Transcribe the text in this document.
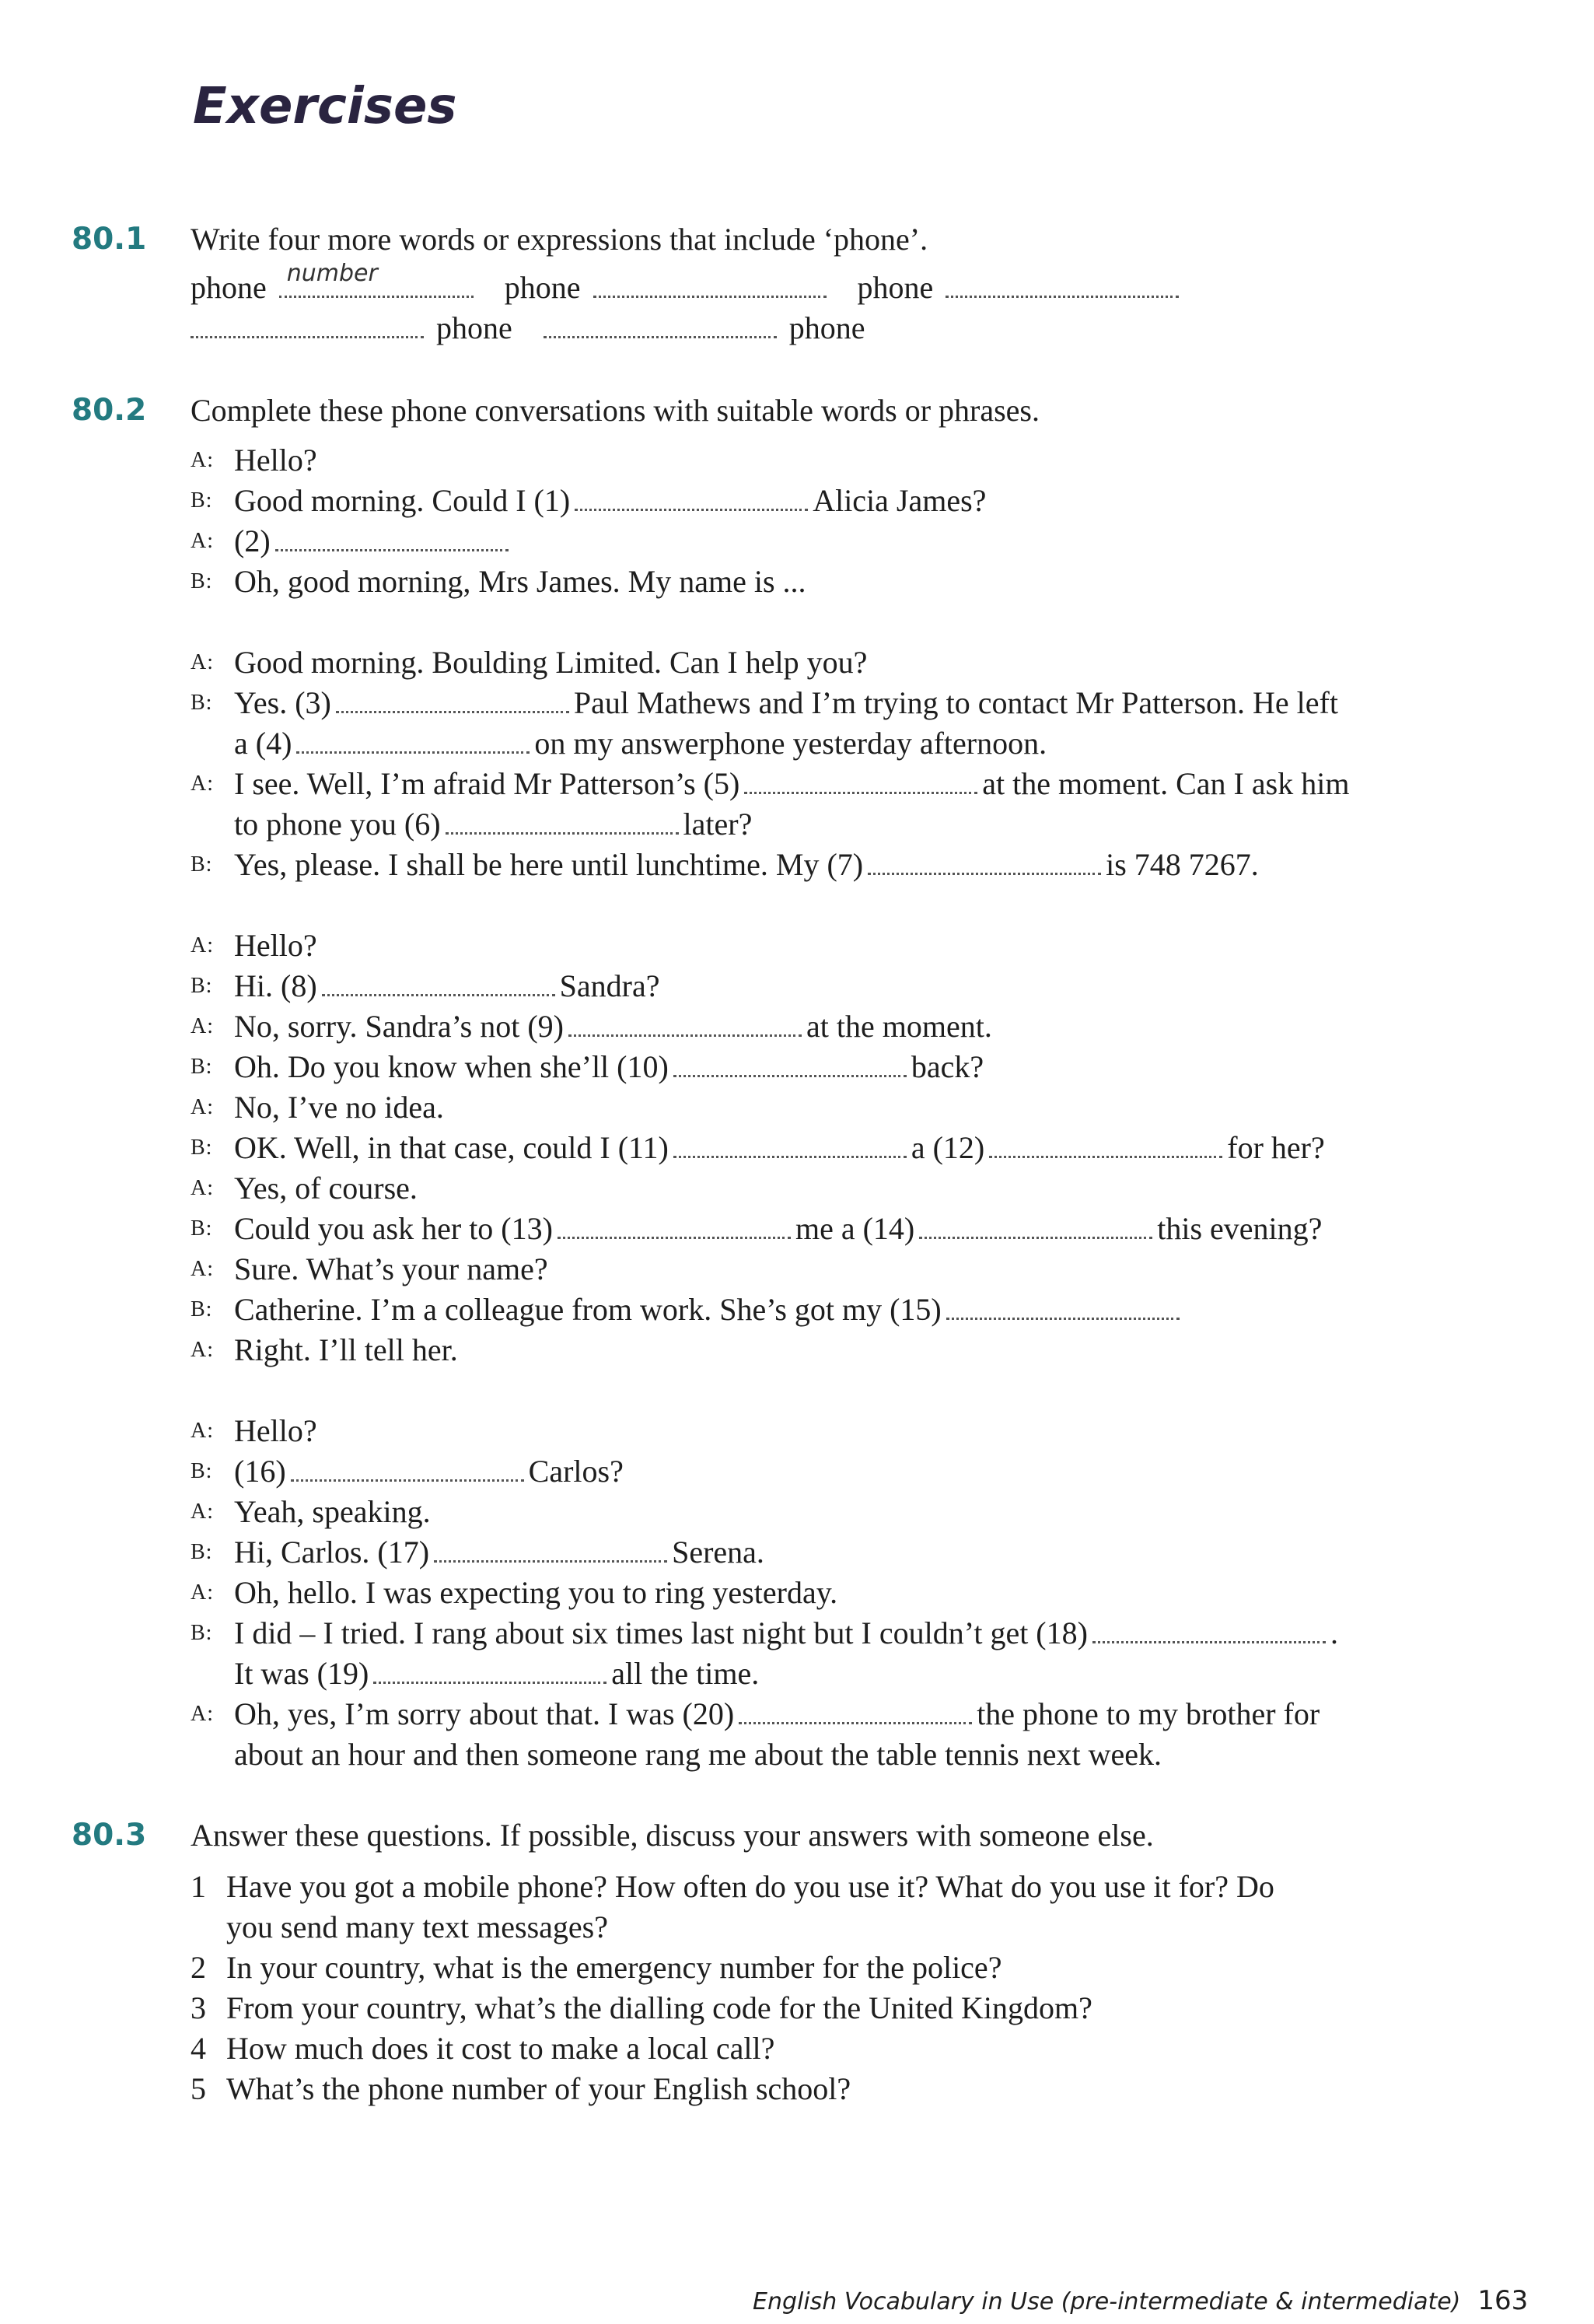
Exercises
80.1 Write four more words or expressions that include ‘phone’.
phone number	phone	phone
phone	phone
80.2 Complete these phone conversations with suitable words or phrases.
A: Hello?
B: Good morning. Could I (1)	Alicia James?
A: (2)
B: Oh, good morning, Mrs James. My name is ...
A: Good morning. Boulding Limited. Can I help you?
B: Yes. (3)	Paul Mathews and I’m trying to contact Mr Patterson. He left
a (4)	on my answerphone yesterday afternoon.
A: I see. Well, I’m afraid Mr Patterson’s (5)	at the moment. Can I ask him
to phone you (6)	later?
B: Yes, please. I shall be here until lunchtime. My (7)	is 748 7267.
A: Hello?
B: Hi. (8)	Sandra?
A: No, sorry. Sandra’s not (9)	at the moment.
B: Oh. Do you know when she’ll (10)	back?
A: No, I’ve no idea.
B: OK. Well, in that case, could I (11)	a (12)	for her?
A: Yes, of course.
B: Could you ask her to (13)	me a (14)	this evening?
A: Sure. What’s your name?
B: Catherine. I’m a colleague from work. She’s got my (15)
A: Right. I’ll tell her.
A: Hello?
B: (16)	Carlos?
A: Yeah, speaking.
B: Hi, Carlos. (17)	Serena.
A: Oh, hello. I was expecting you to ring yesterday.
B: I did – I tried. I rang about six times last night but I couldn’t get (18)	.
It was (19)	all the time.
A: Oh, yes, I’m sorry about that. I was (20)	the phone to my brother for
about an hour and then someone rang me about the table tennis next week.
80.3 Answer these questions. If possible, discuss your answers with someone else.
1 Have you got a mobile phone? How often do you use it? What do you use it for? Do
you send many text messages?
2 In your country, what is the emergency number for the police?
3 From your country, what’s the dialling code for the United Kingdom?
4 How much does it cost to make a local call?
5 What’s the phone number of your English school?
English Vocabulary in Use (pre-intermediate & intermediate) 163
